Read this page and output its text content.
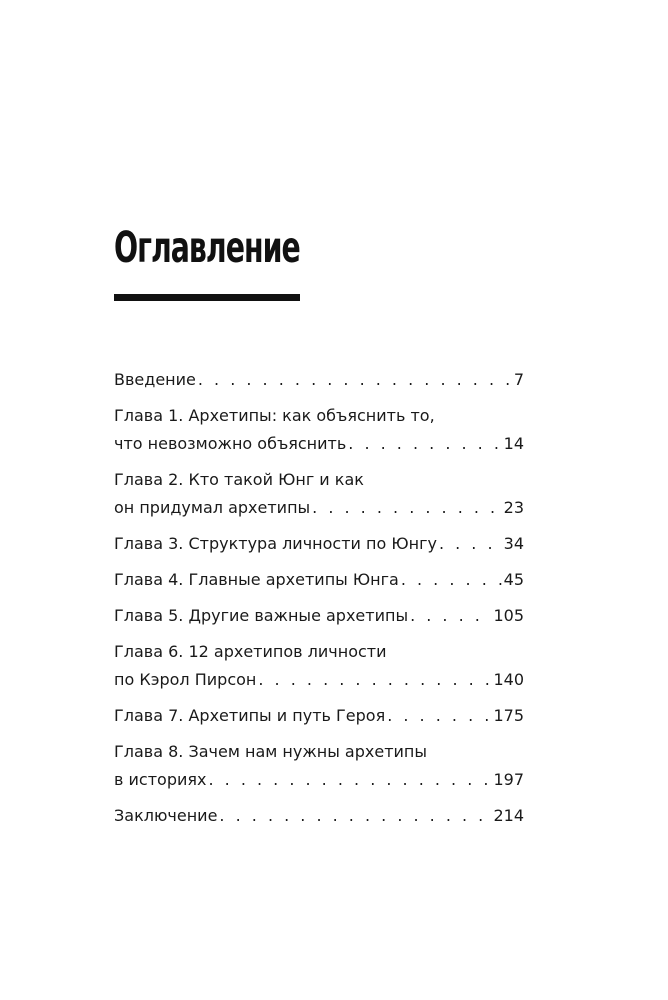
Оглавление
Введение . . .	7
Глава 1. Архетипы: как объяснить то,
что невозможно объяснить . . .	14
Глава 2. Кто такой Юнг и как
он придумал архетипы . . .	23
Глава 3. Структура личности по Юнгу . . .	34
Глава 4. Главные архетипы Юнга . . .	45
Глава 5. Другие важные архетипы . . .	105
Глава 6. 12 архетипов личности
по Кэрол Пирсон . . .	140
Глава 7. Архетипы и путь Героя . . .	175
Глава 8. Зачем нам нужны архетипы
в историях . . .	197
Заключение . . .	214
